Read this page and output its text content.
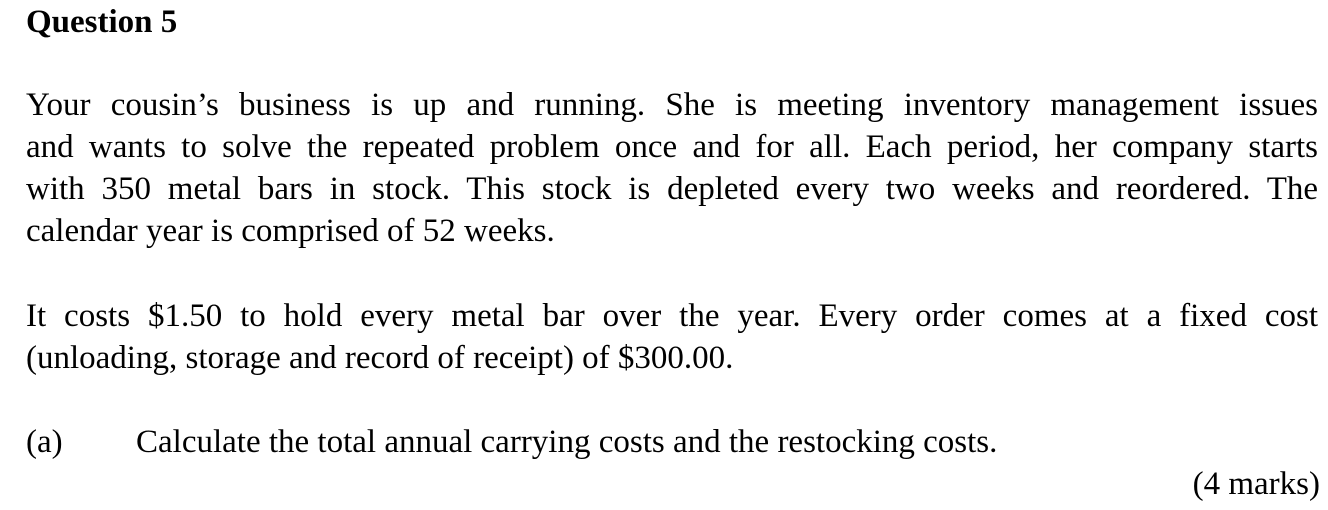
Question 5

Your cousin’s business is up and running. She is meeting inventory management issues
and wants to solve the repeated problem once and for all. Each period, her company starts
with 350 metal bars in stock. This stock is depleted every two weeks and reordered. The
calendar year is comprised of 52 weeks.

It costs $1.50 to hold every metal bar over the year. Every order comes at a fixed cost
(unloading, storage and record of receipt) of $300.00.

(a) Calculate the total annual carrying costs and the restocking costs.
(4 marks)
